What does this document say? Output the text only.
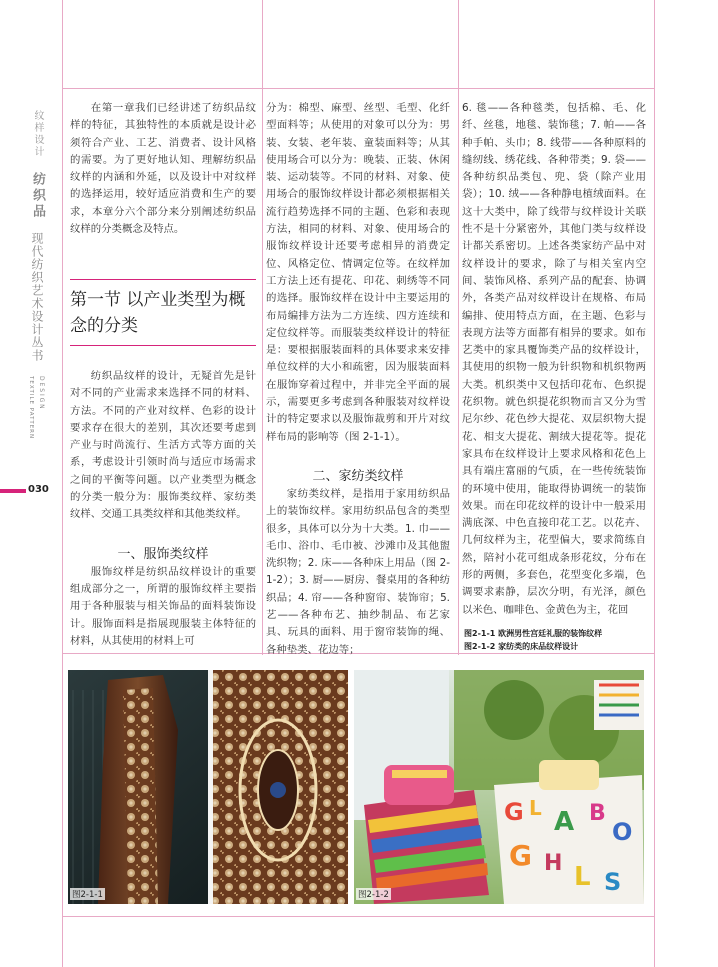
纹样设计
纺织品
现代纺织艺术设计丛书
TEXTILE PATTERN D E S I G N
030

在第一章我们已经讲述了纺织品纹样的特征，其独特性的本质就是设计必须符合产业、工艺、消费者、设计风格的需要。为了更好地认知、理解纺织品纹样的内涵和外延，以及设计中对纹样的选择运用，较好适应消费和生产的要求，本章分六个部分来分别阐述纺织品纹样的分类概念及特点。

第一节 以产业类型为概念的分类

纺织品纹样的设计，无疑首先是针对不同的产业需求来选择不同的材料、方法。不同的产业对纹样、色彩的设计要求存在很大的差别，其次还要考虑到产业与时尚流行、生活方式等方面的关系，考虑设计引领时尚与适应市场需求之间的平衡等问题。以产业类型为概念的分类一般分为：服饰类纹样、家纺类纹样、交通工具类纹样和其他类纹样。

一、服饰类纹样

服饰纹样是纺织品纹样设计的重要组成部分之一，所谓的服饰纹样主要指用于各种服装与相关饰品的面料装饰设计。服饰面料是指展现服装主体特征的材料，从其使用的材料上可

分为：棉型、麻型、丝型、毛型、化纤型面料等；从使用的对象可以分为：男装、女装、老年装、童装面料等；从其使用场合可以分为：晚装、正装、休闲装、运动装等。不同的材料、对象、使用场合的服饰纹样设计都必须根据相关流行趋势选择不同的主题、色彩和表现方法，相同的材料、对象、使用场合的服饰纹样设计还要考虑相异的消费定位、风格定位、情调定位等。在纹样加工方法上还有提花、印花、刺绣等不同的选择。服饰纹样在设计中主要运用的布局编排方法为二方连续、四方连续和定位纹样等。而服装类纹样设计的特征是：要根据服装面料的具体要求来安排单位纹样的大小和疏密，因为服装面料在服饰穿着过程中，并非完全平面的展示，需要更多考虑到各种服装对纹样设计的特定要求以及服饰裁剪和开片对纹样布局的影响等（图 2-1-1）。

二、家纺类纹样

家纺类纹样，是指用于家用纺织品上的装饰纹样。家用纺织品包含的类型很多，具体可以分为十大类。1. 巾——毛巾、浴巾、毛巾被、沙滩巾及其他盥洗织物；2. 床——各种床上用品（图 2-1-2）；3. 厨——厨房、餐桌用的各种纺织品；4. 帘——各种窗帘、装饰帘；5. 艺——各种布艺、抽纱制品、布艺家具、玩具的面料、用于窗帘装饰的绳、各种垫类、花边等；

6. 毯——各种毯类，包括棉、毛、化纤、丝毯，地毯、装饰毯；7. 帕——各种手帕、头巾；8. 线带——各种原料的缝纫线、绣花线、各种带类；9. 袋——各种纺织品类包、兜、袋（除产业用袋）；10. 绒——各种静电植绒面料。在这十大类中，除了线带与纹样设计关联性不是十分紧密外，其他门类与纹样设计都关系密切。上述各类家纺产品中对纹样设计的要求，除了与相关室内空间、装饰风格、系列产品的配套、协调外，各类产品对纹样设计在规格、布局编排、使用特点方面，在主题、色彩与表现方法等方面都有相异的要求。如布艺类中的家具覆饰类产品的纹样设计，其使用的织物一般为针织物和机织物两大类。机织类中又包括印花布、色织提花织物。就色织提花织物而言又分为雪尼尔纱、花色纱大提花、双层织物大提花、相支大提花、割绒大提花等。提花家具布在纹样设计上要求风格和花色上具有端庄富丽的气质，在一些传统装饰的环境中使用，能取得协调统一的装饰效果。而在印花纹样的设计中一般采用满底深、中色直接印花工艺。以花卉、几何纹样为主，花型偏大，要求简练自然，陪衬小花可组成条形花纹，分布在形的两侧，多套色，花型变化多端，色调要求素静，层次分明，有光泽，颜色以米色、咖啡色、金黄色为主，花回

图2-1-1 欧洲男性宫廷礼服的装饰纹样
图2-1-2 家纺类的床品纹样设计
图2-1-1
G L A B
O
G H L S
图2-1-2
